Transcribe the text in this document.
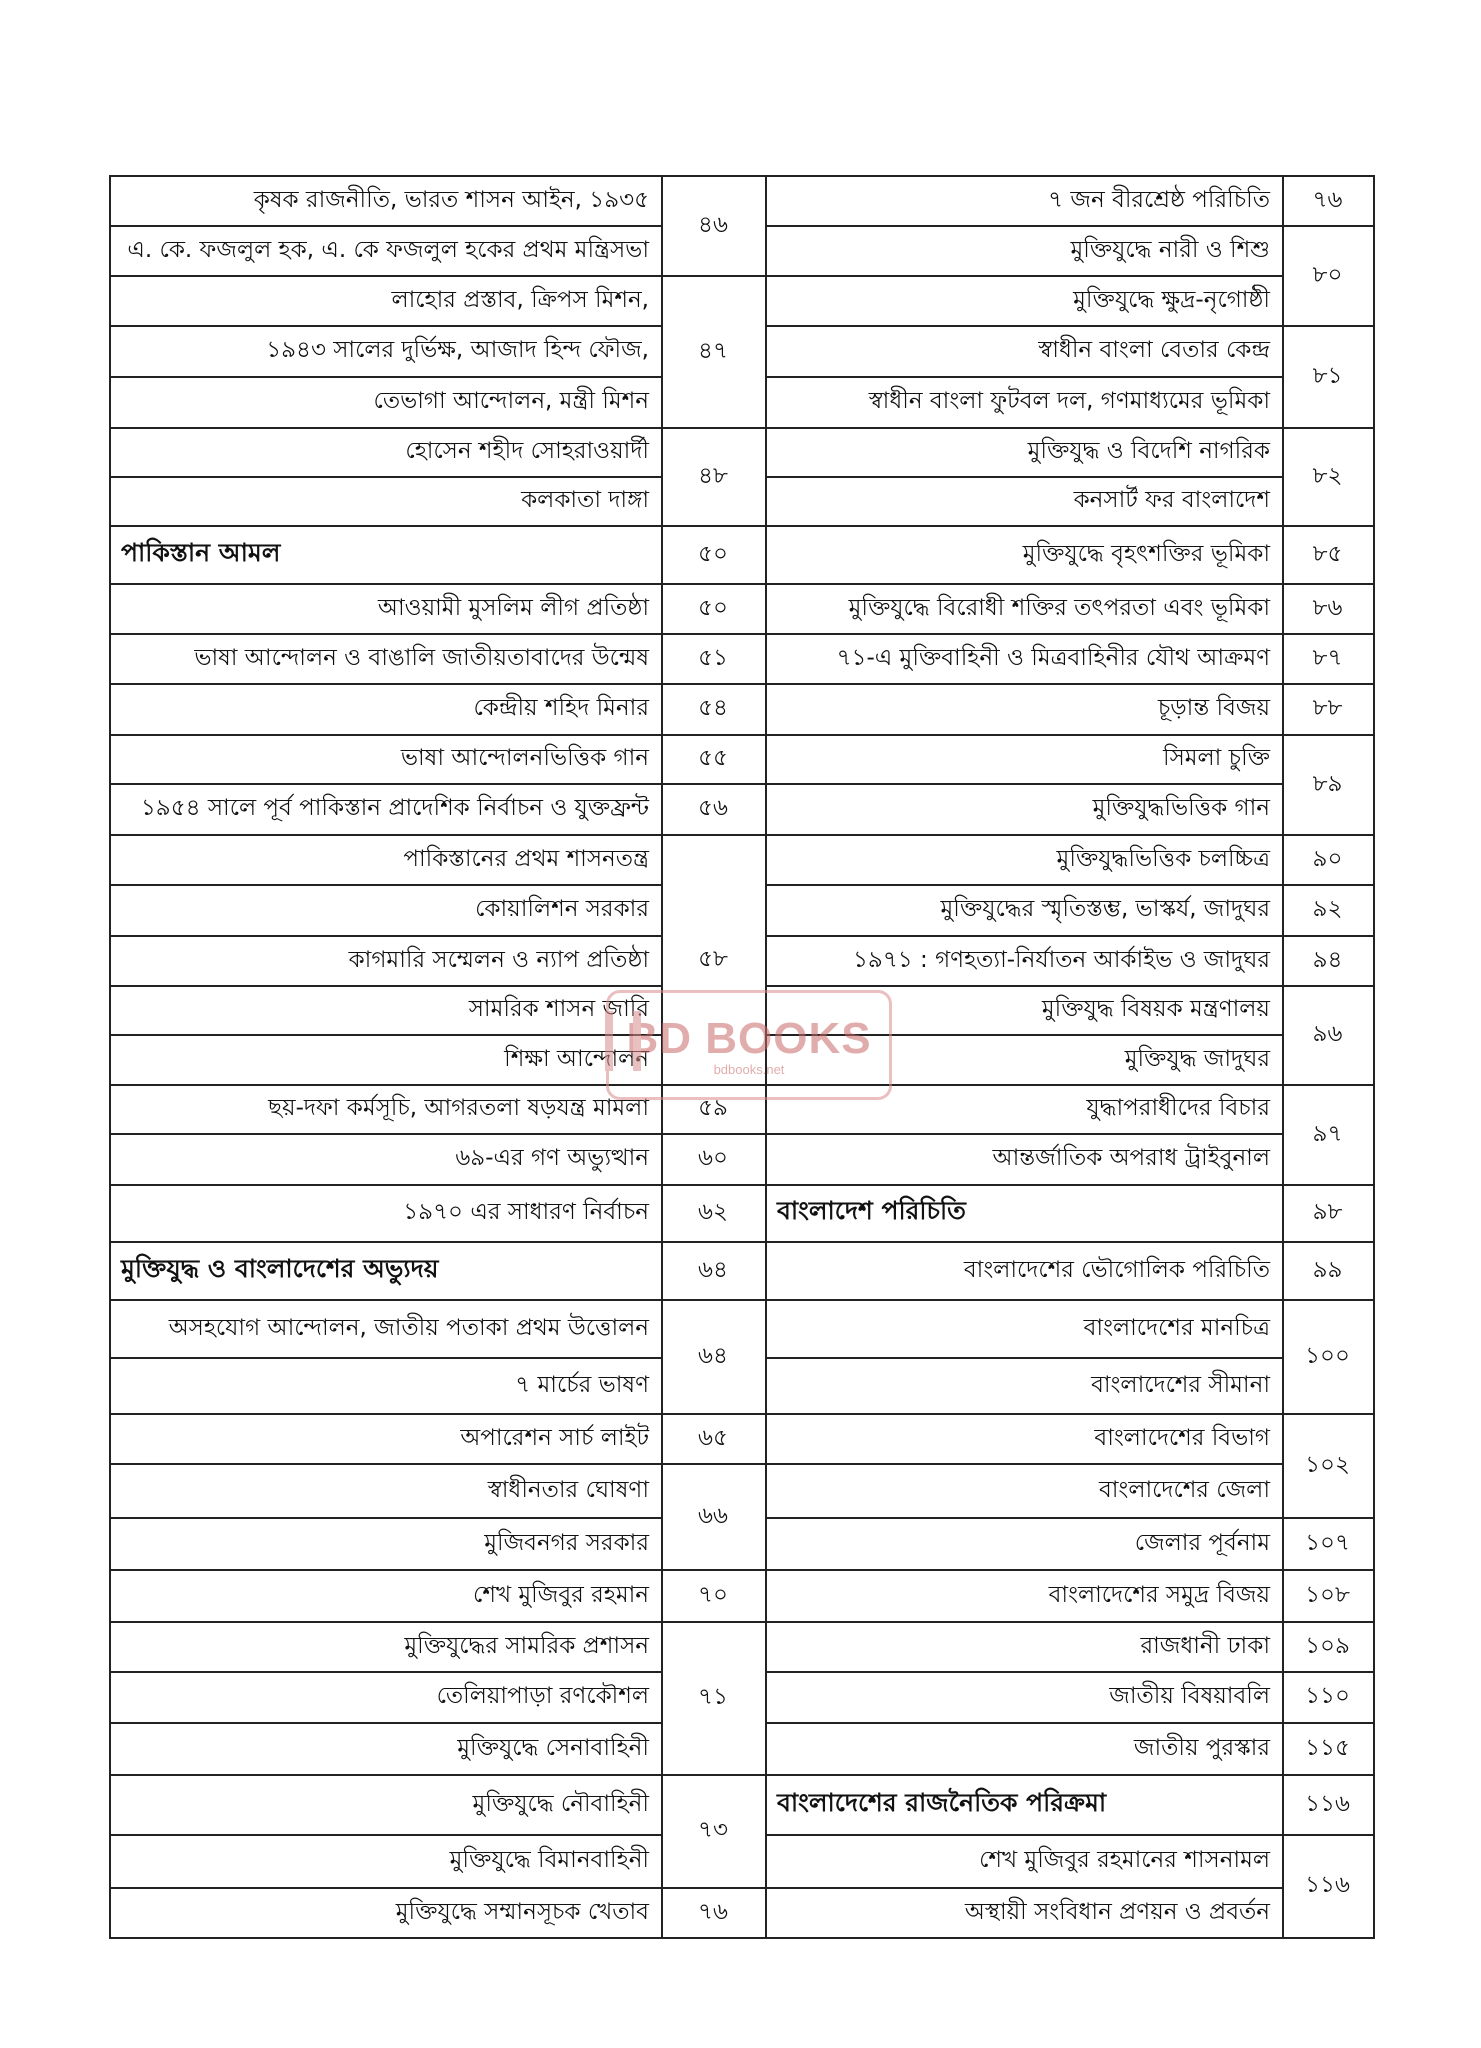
কৃষক রাজনীতি, ভারত শাসন আইন, ১৯৩৫
এ. কে. ফজলুল হক, এ. কে ফজলুল হকের প্রথম মন্ত্রিসভা
লাহোর প্রস্তাব, ক্রিপস মিশন,
১৯৪৩ সালের দুর্ভিক্ষ, আজাদ হিন্দ ফৌজ,
তেভাগা আন্দোলন, মন্ত্রী মিশন
হোসেন শহীদ সোহরাওয়ার্দী
কলকাতা দাঙ্গা
পাকিস্তান আমল
আওয়ামী মুসলিম লীগ প্রতিষ্ঠা
ভাষা আন্দোলন ও বাঙালি জাতীয়তাবাদের উন্মেষ
কেন্দ্রীয় শহিদ মিনার
ভাষা আন্দোলনভিত্তিক গান
১৯৫৪ সালে পূর্ব পাকিস্তান প্রাদেশিক নির্বাচন ও যুক্তফ্রন্ট
পাকিস্তানের প্রথম শাসনতন্ত্র
কোয়ালিশন সরকার
কাগমারি সম্মেলন ও ন্যাপ প্রতিষ্ঠা
সামরিক শাসন জারি
শিক্ষা আন্দোলন
ছয়-দফা কর্মসূচি, আগরতলা ষড়যন্ত্র মামলা
৬৯-এর গণ অভ্যুত্থান
১৯৭০ এর সাধারণ নির্বাচন
মুক্তিযুদ্ধ ও বাংলাদেশের অভ্যুদয়
অসহযোগ আন্দোলন, জাতীয় পতাকা প্রথম উত্তোলন
৭ মার্চের ভাষণ
অপারেশন সার্চ লাইট
স্বাধীনতার ঘোষণা
মুজিবনগর সরকার
শেখ মুজিবুর রহমান
মুক্তিযুদ্ধের সামরিক প্রশাসন
তেলিয়াপাড়া রণকৌশল
মুক্তিযুদ্ধে সেনাবাহিনী
মুক্তিযুদ্ধে নৌবাহিনী
মুক্তিযুদ্ধে বিমানবাহিনী
মুক্তিযুদ্ধে সম্মানসূচক খেতাব
৪৬
৪৭
৪৮
৫০
৫০
৫১
৫৪
৫৫
৫৬
৫৮
৫৯
৬০
৬২
৬৪
৬৪
৬৫
৬৬
৭০
৭১
৭৩
৭৬
৭ জন বীরশ্রেষ্ঠ পরিচিতি
মুক্তিযুদ্ধে নারী ও শিশু
মুক্তিযুদ্ধে ক্ষুদ্র-নৃগোষ্ঠী
স্বাধীন বাংলা বেতার কেন্দ্র
স্বাধীন বাংলা ফুটবল দল, গণমাধ্যমের ভূমিকা
মুক্তিযুদ্ধ ও বিদেশি নাগরিক
কনসার্ট ফর বাংলাদেশ
মুক্তিযুদ্ধে বৃহৎশক্তির ভূমিকা
মুক্তিযুদ্ধে বিরোধী শক্তির তৎপরতা এবং ভূমিকা
৭১-এ মুক্তিবাহিনী ও মিত্রবাহিনীর যৌথ আক্রমণ
চূড়ান্ত বিজয়
সিমলা চুক্তি
মুক্তিযুদ্ধভিত্তিক গান
মুক্তিযুদ্ধভিত্তিক চলচ্চিত্র
মুক্তিযুদ্ধের স্মৃতিস্তম্ভ, ভাস্কর্য, জাদুঘর
১৯৭১ : গণহত্যা-নির্যাতন আর্কাইভ ও জাদুঘর
মুক্তিযুদ্ধ বিষয়ক মন্ত্রণালয়
মুক্তিযুদ্ধ জাদুঘর
যুদ্ধাপরাধীদের বিচার
আন্তর্জাতিক অপরাধ ট্রাইবুনাল
বাংলাদেশ পরিচিতি
বাংলাদেশের ভৌগোলিক পরিচিতি
বাংলাদেশের মানচিত্র
বাংলাদেশের সীমানা
বাংলাদেশের বিভাগ
বাংলাদেশের জেলা
জেলার পূর্বনাম
বাংলাদেশের সমুদ্র বিজয়
রাজধানী ঢাকা
জাতীয় বিষয়াবলি
জাতীয় পুরস্কার
বাংলাদেশের রাজনৈতিক পরিক্রমা
শেখ মুজিবুর রহমানের শাসনামল
অস্থায়ী সংবিধান প্রণয়ন ও প্রবর্তন
৭৬
৮০
৮১
৮২
৮৫
৮৬
৮৭
৮৮
৮৯
৯০
৯২
৯৪
৯৬
৯৭
৯৮
৯৯
১০০
১০২
১০৭
১০৮
১০৯
১১০
১১৫
১১৬
১১৬
BD BOOKS
bdbooks.net
